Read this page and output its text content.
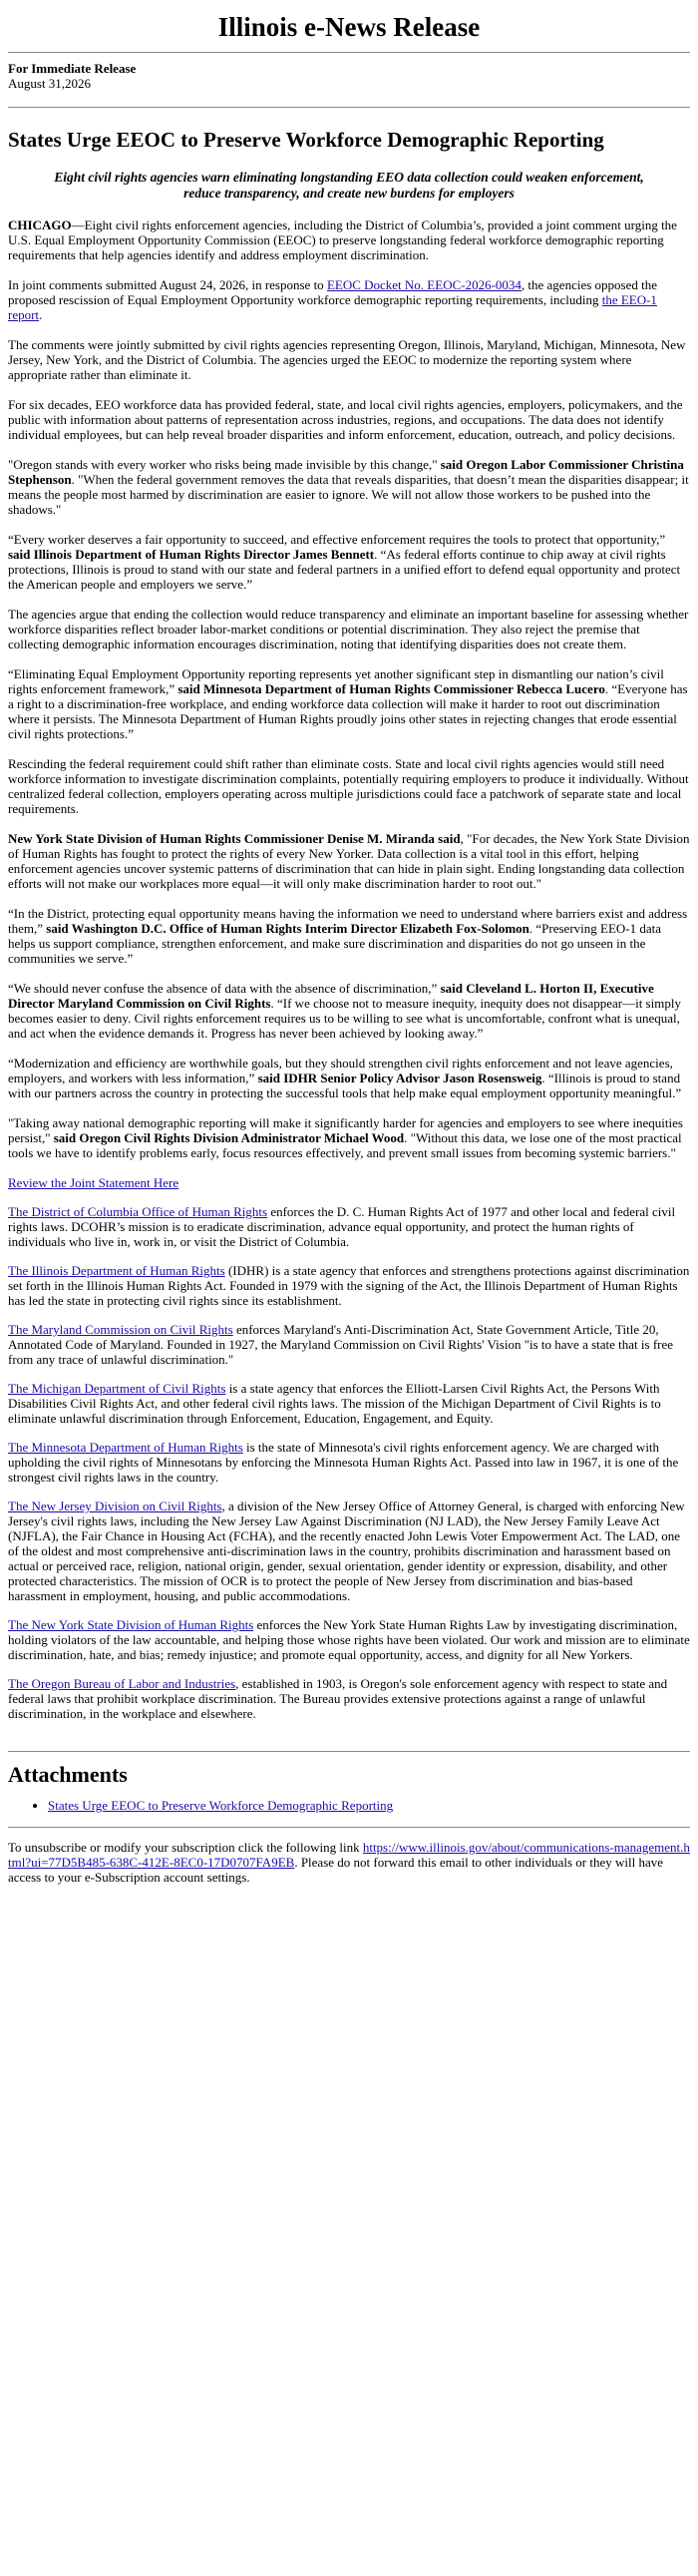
Illinois e-News Release
For Immediate Release
August 31,2026
States Urge EEOC to Preserve Workforce Demographic Reporting
Eight civil rights agencies warn eliminating longstanding EEO data collection could weaken enforcement, reduce transparency, and create new burdens for employers

CHICAGO—Eight civil rights enforcement agencies, including the District of Columbia’s, provided a joint comment urging the U.S. Equal Employment Opportunity Commission (EEOC) to preserve longstanding federal workforce demographic reporting requirements that help agencies identify and address employment discrimination.

In joint comments submitted August 24, 2026, in response to EEOC Docket No. EEOC-2026-0034, the agencies opposed the proposed rescission of Equal Employment Opportunity workforce demographic reporting requirements, including the EEO-1 report.

The comments were jointly submitted by civil rights agencies representing Oregon, Illinois, Maryland, Michigan, Minnesota, New Jersey, New York, and the District of Columbia. The agencies urged the EEOC to modernize the reporting system where appropriate rather than eliminate it.

For six decades, EEO workforce data has provided federal, state, and local civil rights agencies, employers, policymakers, and the public with information about patterns of representation across industries, regions, and occupations. The data does not identify individual employees, but can help reveal broader disparities and inform enforcement, education, outreach, and policy decisions.

"Oregon stands with every worker who risks being made invisible by this change," said Oregon Labor Commissioner Christina Stephenson. "When the federal government removes the data that reveals disparities, that doesn’t mean the disparities disappear; it means the people most harmed by discrimination are easier to ignore. We will not allow those workers to be pushed into the shadows."

“Every worker deserves a fair opportunity to succeed, and effective enforcement requires the tools to protect that opportunity,” said Illinois Department of Human Rights Director James Bennett. “As federal efforts continue to chip away at civil rights protections, Illinois is proud to stand with our state and federal partners in a unified effort to defend equal opportunity and protect the American people and employers we serve.”

The agencies argue that ending the collection would reduce transparency and eliminate an important baseline for assessing whether workforce disparities reflect broader labor-market conditions or potential discrimination. They also reject the premise that collecting demographic information encourages discrimination, noting that identifying disparities does not create them.

“Eliminating Equal Employment Opportunity reporting represents yet another significant step in dismantling our nation’s civil rights enforcement framework,” said Minnesota Department of Human Rights Commissioner Rebecca Lucero. “Everyone has a right to a discrimination-free workplace, and ending workforce data collection will make it harder to root out discrimination where it persists. The Minnesota Department of Human Rights proudly joins other states in rejecting changes that erode essential civil rights protections.”

Rescinding the federal requirement could shift rather than eliminate costs. State and local civil rights agencies would still need workforce information to investigate discrimination complaints, potentially requiring employers to produce it individually. Without centralized federal collection, employers operating across multiple jurisdictions could face a patchwork of separate state and local requirements.

New York State Division of Human Rights Commissioner Denise M. Miranda said, "For decades, the New York State Division of Human Rights has fought to protect the rights of every New Yorker. Data collection is a vital tool in this effort, helping enforcement agencies uncover systemic patterns of discrimination that can hide in plain sight. Ending longstanding data collection efforts will not make our workplaces more equal—it will only make discrimination harder to root out."

“In the District, protecting equal opportunity means having the information we need to understand where barriers exist and address them,” said Washington D.C. Office of Human Rights Interim Director Elizabeth Fox-Solomon. “Preserving EEO-1 data helps us support compliance, strengthen enforcement, and make sure discrimination and disparities do not go unseen in the communities we serve.”

“We should never confuse the absence of data with the absence of discrimination,” said Cleveland L. Horton II, Executive Director Maryland Commission on Civil Rights. “If we choose not to measure inequity, inequity does not disappear—it simply becomes easier to deny. Civil rights enforcement requires us to be willing to see what is uncomfortable, confront what is unequal, and act when the evidence demands it. Progress has never been achieved by looking away.”

“Modernization and efficiency are worthwhile goals, but they should strengthen civil rights enforcement and not leave agencies, employers, and workers with less information,” said IDHR Senior Policy Advisor Jason Rosensweig. “Illinois is proud to stand with our partners across the country in protecting the successful tools that help make equal employment opportunity meaningful.”

"Taking away national demographic reporting will make it significantly harder for agencies and employers to see where inequities persist," said Oregon Civil Rights Division Administrator Michael Wood. "Without this data, we lose one of the most practical tools we have to identify problems early, focus resources effectively, and prevent small issues from becoming systemic barriers."

Review the Joint Statement Here

The District of Columbia Office of Human Rights enforces the D. C. Human Rights Act of 1977 and other local and federal civil rights laws. DCOHR’s mission is to eradicate discrimination, advance equal opportunity, and protect the human rights of individuals who live in, work in, or visit the District of Columbia.

The Illinois Department of Human Rights (IDHR) is a state agency that enforces and strengthens protections against discrimination set forth in the Illinois Human Rights Act. Founded in 1979 with the signing of the Act, the Illinois Department of Human Rights has led the state in protecting civil rights since its establishment.

The Maryland Commission on Civil Rights enforces Maryland's Anti-Discrimination Act, State Government Article, Title 20, Annotated Code of Maryland. Founded in 1927, the Maryland Commission on Civil Rights' Vision "is to have a state that is free from any trace of unlawful discrimination."

The Michigan Department of Civil Rights is a state agency that enforces the Elliott-Larsen Civil Rights Act, the Persons With Disabilities Civil Rights Act, and other federal civil rights laws. The mission of the Michigan Department of Civil Rights is to eliminate unlawful discrimination through Enforcement, Education, Engagement, and Equity.

The Minnesota Department of Human Rights is the state of Minnesota's civil rights enforcement agency. We are charged with upholding the civil rights of Minnesotans by enforcing the Minnesota Human Rights Act. Passed into law in 1967, it is one of the strongest civil rights laws in the country.

The New Jersey Division on Civil Rights, a division of the New Jersey Office of Attorney General, is charged with enforcing New Jersey's civil rights laws, including the New Jersey Law Against Discrimination (NJ LAD), the New Jersey Family Leave Act (NJFLA), the Fair Chance in Housing Act (FCHA), and the recently enacted John Lewis Voter Empowerment Act. The LAD, one of the oldest and most comprehensive anti-discrimination laws in the country, prohibits discrimination and harassment based on actual or perceived race, religion, national origin, gender, sexual orientation, gender identity or expression, disability, and other protected characteristics. The mission of OCR is to protect the people of New Jersey from discrimination and bias-based harassment in employment, housing, and public accommodations.

The New York State Division of Human Rights enforces the New York State Human Rights Law by investigating discrimination, holding violators of the law accountable, and helping those whose rights have been violated. Our work and mission are to eliminate discrimination, hate, and bias; remedy injustice; and promote equal opportunity, access, and dignity for all New Yorkers.

The Oregon Bureau of Labor and Industries, established in 1903, is Oregon's sole enforcement agency with respect to state and federal laws that prohibit workplace discrimination. The Bureau provides extensive protections against a range of unlawful discrimination, in the workplace and elsewhere.

Attachments
• States Urge EEOC to Preserve Workforce Demographic Reporting
To unsubscribe or modify your subscription click the following link https://www.illinois.gov/about/communications-management.html?ui=77D5B485-638C-412E-8EC0-17D0707FA9EB. Please do not forward this email to other individuals or they will have access to your e-Subscription account settings.
